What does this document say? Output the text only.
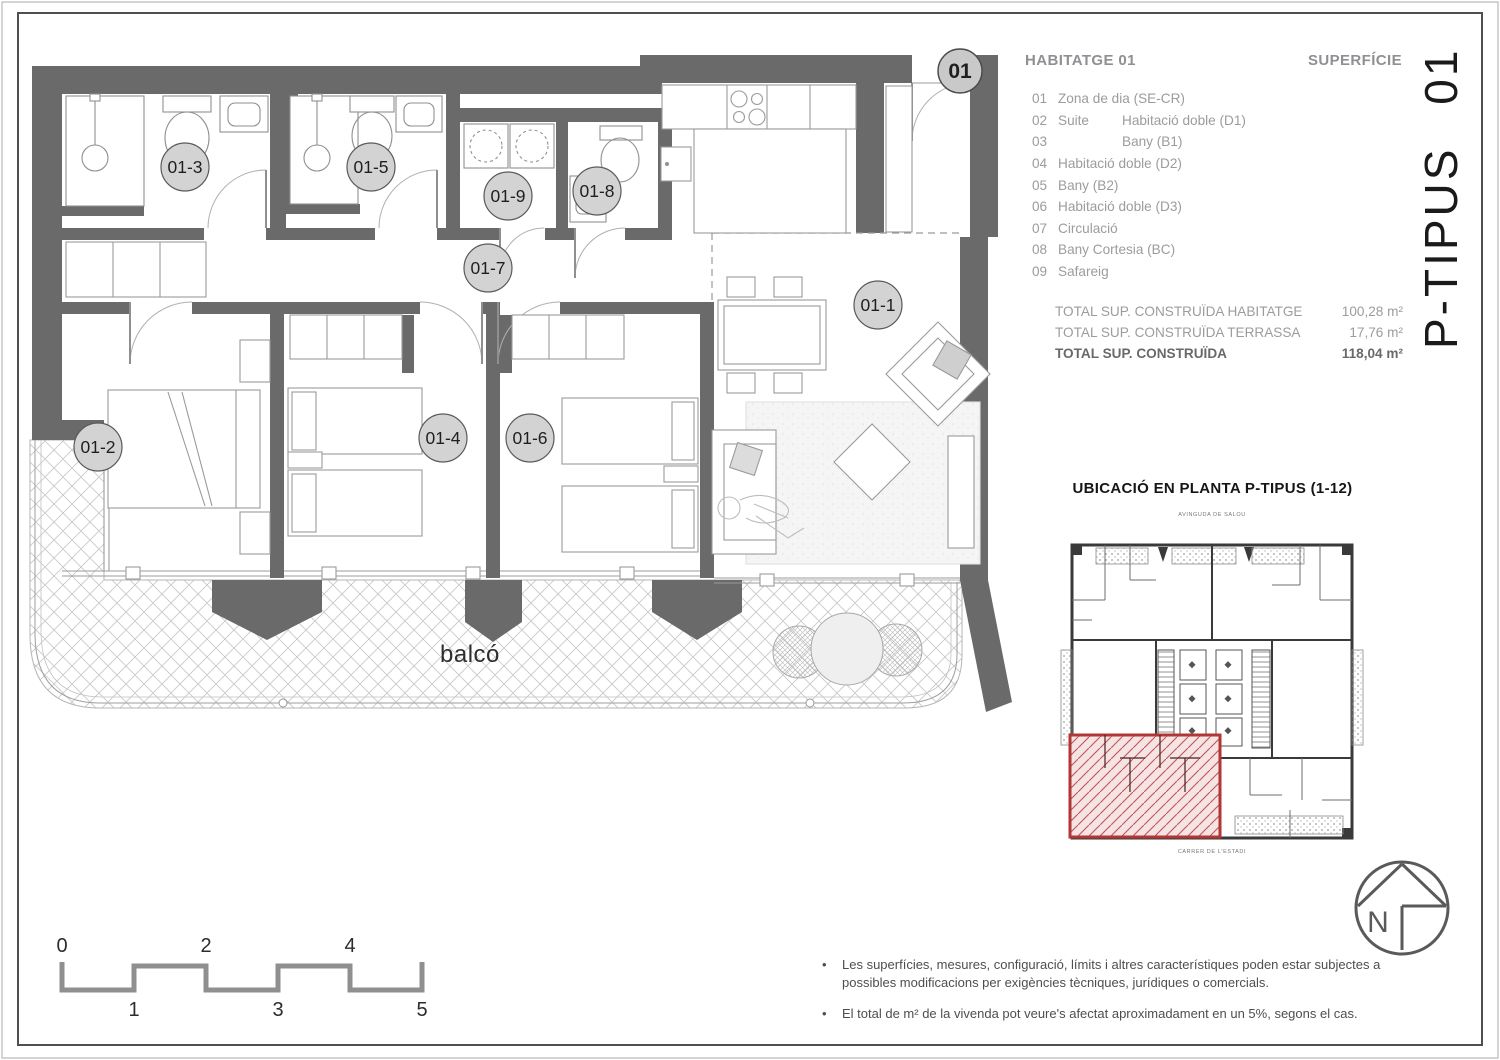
01-1
01-2
01-3
01-4
01-5
01-6
01-7
01-8
01-9
01
balcó
AVINGUDA DE SALOU
CARRER DE L'ESTADI
N
0	2	4
1	3	5
HABITATGE 01	SUPERFÍCIE
01 Zona de dia (SE-CR)
02 Suite	Habitació doble (D1)
03	Bany (B1)
04 Habitació doble (D2)
05 Bany (B2)
06 Habitació doble (D3)
07 Circulació
08 Bany Cortesia (BC)
09 Safareig
TOTAL SUP. CONSTRUÏDA HABITATGE	100,28 m²
TOTAL SUP. CONSTRUÏDA TERRASSA	17,76 m²
TOTAL SUP. CONSTRUÏDA	118,04 m²
UBICACIÓ EN PLANTA P-TIPUS (1-12)
P-TIPUS 01
• Les superfícies, mesures, configuració, límits i altres característiques poden estar subjectes a possibles modificacions per exigències tècniques, jurídiques o comercials.
• El total de m² de la vivenda pot veure's afectat aproximadament en un 5%, segons el cas.
